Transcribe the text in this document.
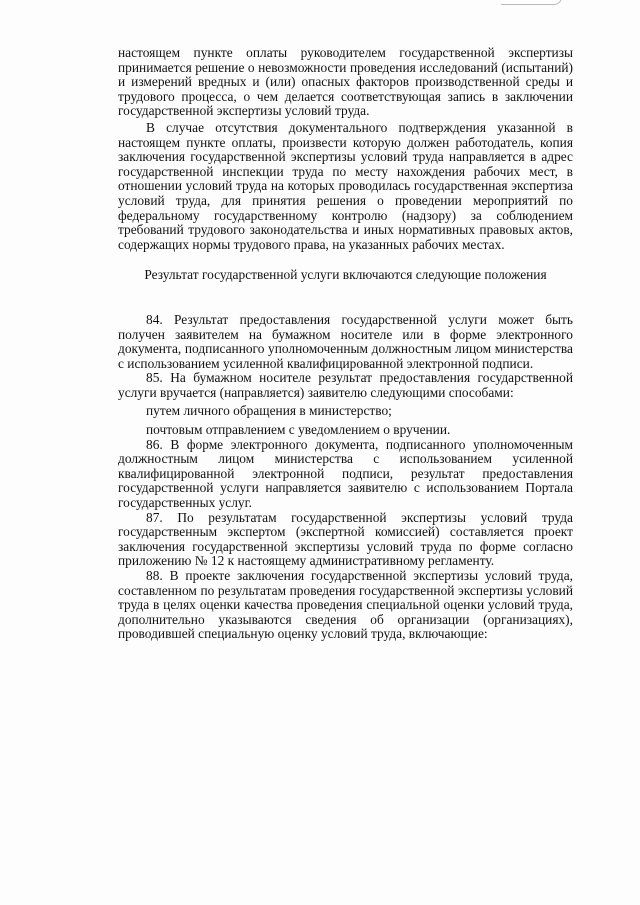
настоящем пункте оплаты руководителем государственной экспертизы принимается решение о невозможности проведения исследований (испытаний) и измерений вредных и (или) опасных факторов производственной среды и трудового процесса, о чем делается соответствующая запись в заключении государственной экспертизы условий труда.

В случае отсутствия документального подтверждения указанной в настоящем пункте оплаты, произвести которую должен работодатель, копия заключения государственной экспертизы условий труда направляется в адрес государственной инспекции труда по месту нахождения рабочих мест, в отношении условий труда на которых проводилась государственная экспертиза условий труда, для принятия решения о проведении мероприятий по федеральному государственному контролю (надзору) за соблюдением требований трудового законодательства и иных нормативных правовых актов, содержащих нормы трудового права, на указанных рабочих местах.

Результат государственной услуги включаются следующие положения

84. Результат предоставления государственной услуги может быть получен заявителем на бумажном носителе или в форме электронного документа, подписанного уполномоченным должностным лицом министерства с использованием усиленной квалифицированной электронной подписи.

85. На бумажном носителе результат предоставления государственной услуги вручается (направляется) заявителю следующими способами:

путем личного обращения в министерство;

почтовым отправлением с уведомлением о вручении.

86. В форме электронного документа, подписанного уполномоченным должностным лицом министерства с использованием усиленной квалифицированной электронной подписи, результат предоставления государственной услуги направляется заявителю с использованием Портала государственных услуг.

87. По результатам государственной экспертизы условий труда государственным экспертом (экспертной комиссией) составляется проект заключения государственной экспертизы условий труда по форме согласно приложению № 12 к настоящему административному регламенту.

88. В проекте заключения государственной экспертизы условий труда, составленном по результатам проведения государственной экспертизы условий труда в целях оценки качества проведения специальной оценки условий труда, дополнительно указываются сведения об организации (организациях), проводившей специальную оценку условий труда, включающие:
